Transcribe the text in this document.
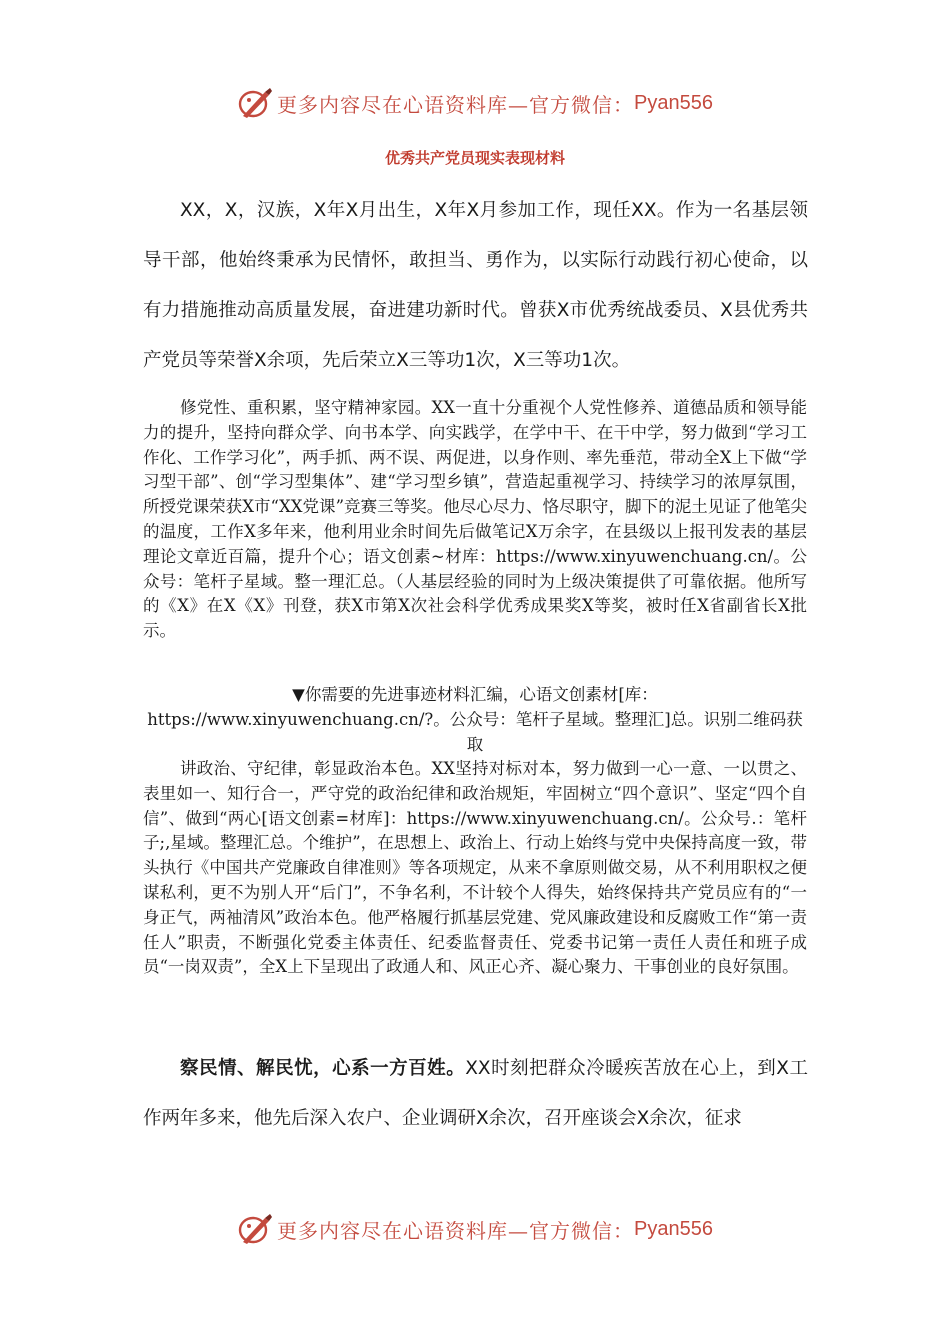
更多内容尽在心语资料库—官方微信： Pyan556
优秀共产党员现实表现材料

XX，X，汉族，X年X月出生，X年X月参加工作，现任XX。作为一名基层领导干部，他始终秉承为民情怀，敢担当、勇作为，以实际行动践行初心使命，以有力措施推动高质量发展，奋进建功新时代。曾获X市优秀统战委员、X县优秀共产党员等荣誉X余项，先后荣立X三等功1次，X三等功1次。

修党性、重积累，坚守精神家园。XX一直十分重视个人党性修养、道德品质和领导能力的提升，坚持向群众学、向书本学、向实践学，在学中干、在干中学，努力做到“学习工作化、工作学习化”，两手抓、两不误、两促进，以身作则、率先垂范，带动全X上下做“学习型干部”、创“学习型集体”、建“学习型乡镇”，营造起重视学习、持续学习的浓厚氛围，所授党课荣获X市“XX党课”竞赛三等奖。他尽心尽力、恪尽职守，脚下的泥土见证了他笔尖的温度，工作X多年来，他利用业余时间先后做笔记X万余字，在县级以上报刊发表的基层理论文章近百篇，提升个心；语文创素~材库：https://www.xinyuwenchuang.cn/。公众号：笔杆子星域。整一理汇总。（人基层经验的同时为上级决策提供了可靠依据。他所写的《X》在X《X》刊登，获X市第X次社会科学优秀成果奖X等奖，被时任X省副省长X批示。

▼你需要的先进事迹材料汇编，心语文创素材[库：https://www.xinyuwenchuang.cn/?。公众号：笔杆子星域。整理汇]总。识别二维码获取

讲政治、守纪律，彰显政治本色。XX坚持对标对本，努力做到一心一意、一以贯之、表里如一、知行合一，严守党的政治纪律和政治规矩，牢固树立“四个意识”、坚定“四个自信”、做到“两心[语文创素=材库]：https://www.xinyuwenchuang.cn/。公众号.：笔杆子;,星域。整理汇总。个维护”，在思想上、政治上、行动上始终与党中央保持高度一致，带头执行《中国共产党廉政自律准则》等各项规定，从来不拿原则做交易，从不利用职权之便谋私利，更不为别人开“后门”，不争名利，不计较个人得失，始终保持共产党员应有的“一身正气，两袖清风”政治本色。他严格履行抓基层党建、党风廉政建设和反腐败工作“第一责任人”职责，不断强化党委主体责任、纪委监督责任、党委书记第一责任人责任和班子成员“一岗双责”，全X上下呈现出了政通人和、风正心齐、凝心聚力、干事创业的良好氛围。

察民情、解民忧，心系一方百姓。XX时刻把群众冷暖疾苦放在心上，到X工作两年多来，他先后深入农户、企业调研X余次，召开座谈会X余次，征求

更多内容尽在心语资料库—官方微信： Pyan556
